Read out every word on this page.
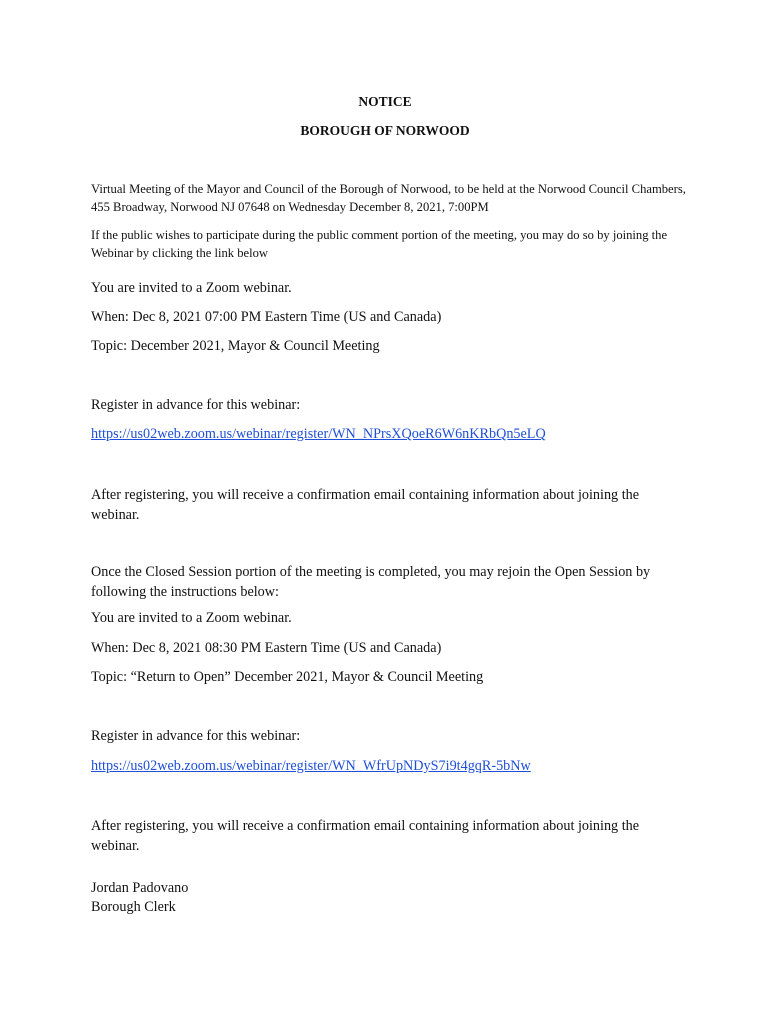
NOTICE
BOROUGH OF NORWOOD
Virtual Meeting of the Mayor and Council of the Borough of Norwood, to be held at the Norwood Council Chambers, 455 Broadway, Norwood NJ 07648 on Wednesday December 8, 2021, 7:00PM
If the public wishes to participate during the public comment portion of the meeting, you may do so by joining the Webinar by clicking the link below
You are invited to a Zoom webinar.
When: Dec 8, 2021 07:00 PM Eastern Time (US and Canada)
Topic: December 2021, Mayor & Council Meeting
Register in advance for this webinar:
https://us02web.zoom.us/webinar/register/WN_NPrsXQoeR6W6nKRbQn5eLQ
After registering, you will receive a confirmation email containing information about joining the webinar.
Once the Closed Session portion of the meeting is completed, you may rejoin the Open Session by following the instructions below:
You are invited to a Zoom webinar.
When: Dec 8, 2021 08:30 PM Eastern Time (US and Canada)
Topic: “Return to Open” December 2021, Mayor & Council Meeting
Register in advance for this webinar:
https://us02web.zoom.us/webinar/register/WN_WfrUpNDyS7i9t4gqR-5bNw
After registering, you will receive a confirmation email containing information about joining the webinar.
Jordan Padovano
Borough Clerk
